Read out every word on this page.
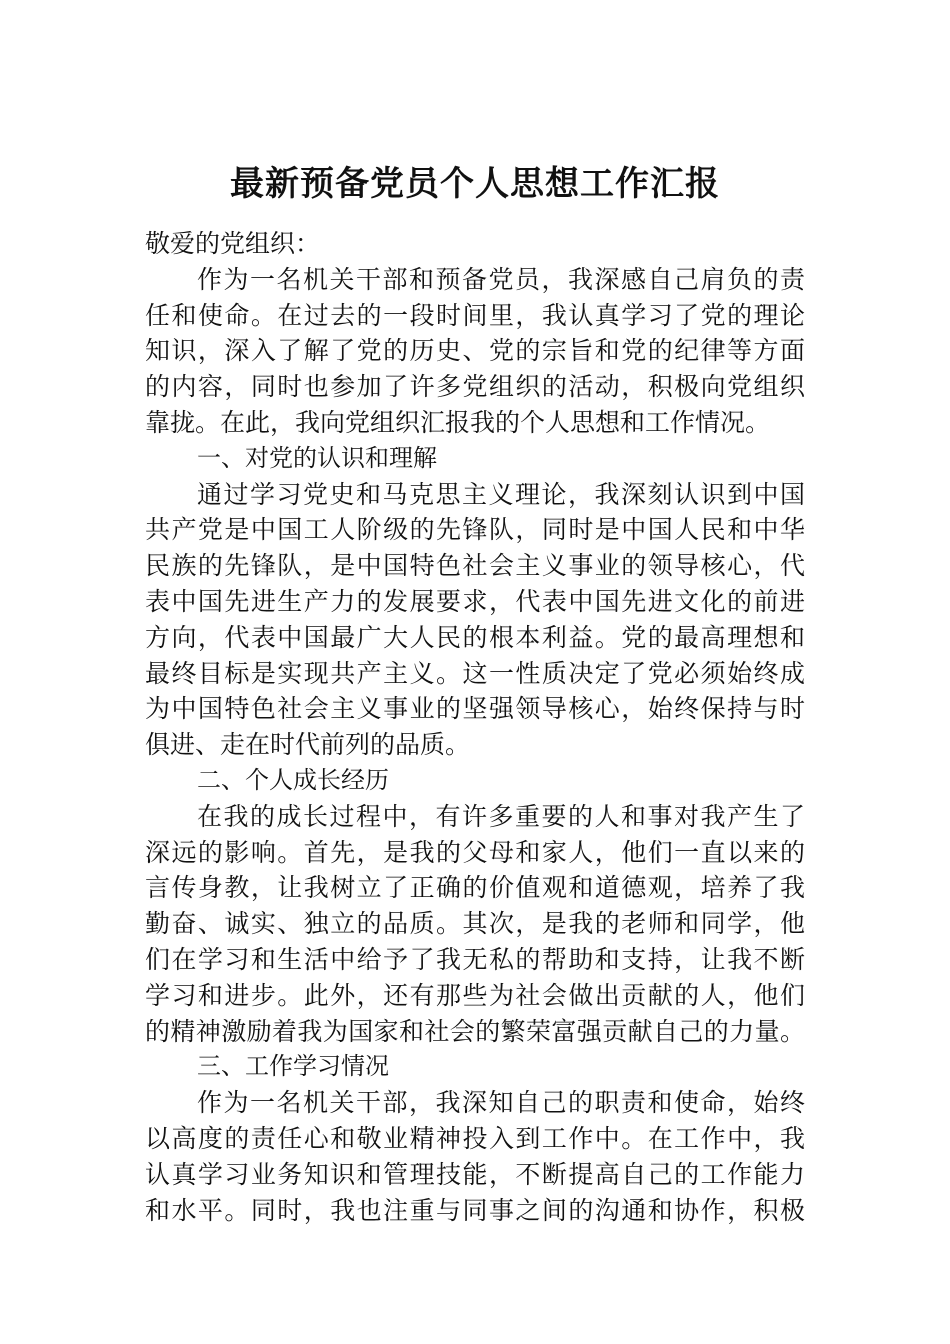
最新预备党员个人思想工作汇报
敬爱的党组织：
作为一名机关干部和预备党员，我深感自己肩负的责
任和使命。在过去的一段时间里，我认真学习了党的理论
知识，深入了解了党的历史、党的宗旨和党的纪律等方面
的内容，同时也参加了许多党组织的活动，积极向党组织
靠拢。在此，我向党组织汇报我的个人思想和工作情况。
一、对党的认识和理解
通过学习党史和马克思主义理论，我深刻认识到中国
共产党是中国工人阶级的先锋队，同时是中国人民和中华
民族的先锋队，是中国特色社会主义事业的领导核心，代
表中国先进生产力的发展要求，代表中国先进文化的前进
方向，代表中国最广大人民的根本利益。党的最高理想和
最终目标是实现共产主义。这一性质决定了党必须始终成
为中国特色社会主义事业的坚强领导核心，始终保持与时
俱进、走在时代前列的品质。
二、个人成长经历
在我的成长过程中，有许多重要的人和事对我产生了
深远的影响。首先，是我的父母和家人，他们一直以来的
言传身教，让我树立了正确的价值观和道德观，培养了我
勤奋、诚实、独立的品质。其次，是我的老师和同学，他
们在学习和生活中给予了我无私的帮助和支持，让我不断
学习和进步。此外，还有那些为社会做出贡献的人，他们
的精神激励着我为国家和社会的繁荣富强贡献自己的力量。
三、工作学习情况
作为一名机关干部，我深知自己的职责和使命，始终
以高度的责任心和敬业精神投入到工作中。在工作中，我
认真学习业务知识和管理技能，不断提高自己的工作能力
和水平。同时，我也注重与同事之间的沟通和协作，积极
